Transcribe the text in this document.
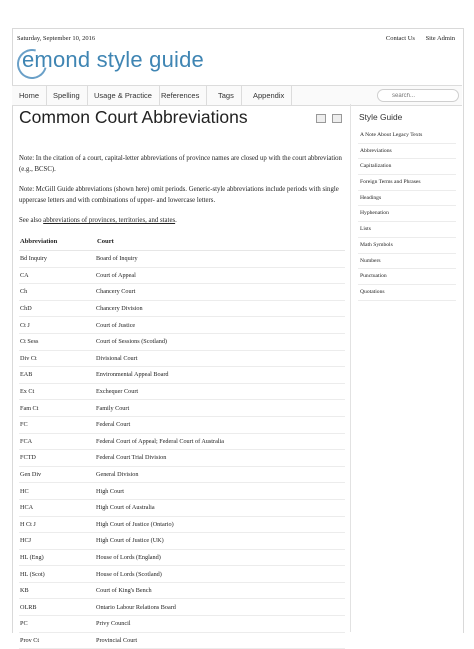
Saturday, September 10, 2016	Contact Us Site Admin
emond style guide
Home	Spelling	Usage & Practice	References	Tags	Appendix
search...
Common Court Abbreviations

Note: In the citation of a court, capital-letter abbreviations of province names are closed up with the court abbreviation (e.g., BCSC).

Note: McGill Guide abbreviations (shown here) omit periods. Generic-style abbreviations include periods with single uppercase letters and with combinations of upper- and lowercase letters.

See also abbreviations of provinces, territories, and states.

Abbreviation	Court
Bd Inquiry	Board of Inquiry
CA	Court of Appeal
Ch	Chancery Court
ChD	Chancery Division
Ct J	Court of Justice
Ct Sess	Court of Sessions (Scotland)
Div Ct	Divisional Court
EAB	Environmental Appeal Board
Ex Ct	Exchequer Court
Fam Ct	Family Court
FC	Federal Court
FCA	Federal Court of Appeal; Federal Court of Australia
FCTD	Federal Court Trial Division
Gen Div	General Division
HC	High Court
HCA	High Court of Australia
H Ct J	High Court of Justice (Ontario)
HCJ	High Court of Justice (UK)
HL (Eng)	House of Lords (England)
HL (Scot)	House of Lords (Scotland)
KB	Court of King's Bench
OLRB	Ontario Labour Relations Board
PC	Privy Council
Prov Ct	Provincial Court
Style Guide
A Note About Legacy Texts
Abbreviations
Capitalization
Foreign Terms and Phrases
Headings
Hyphenation
Lists
Math Symbols
Numbers
Punctuation
Quotations
